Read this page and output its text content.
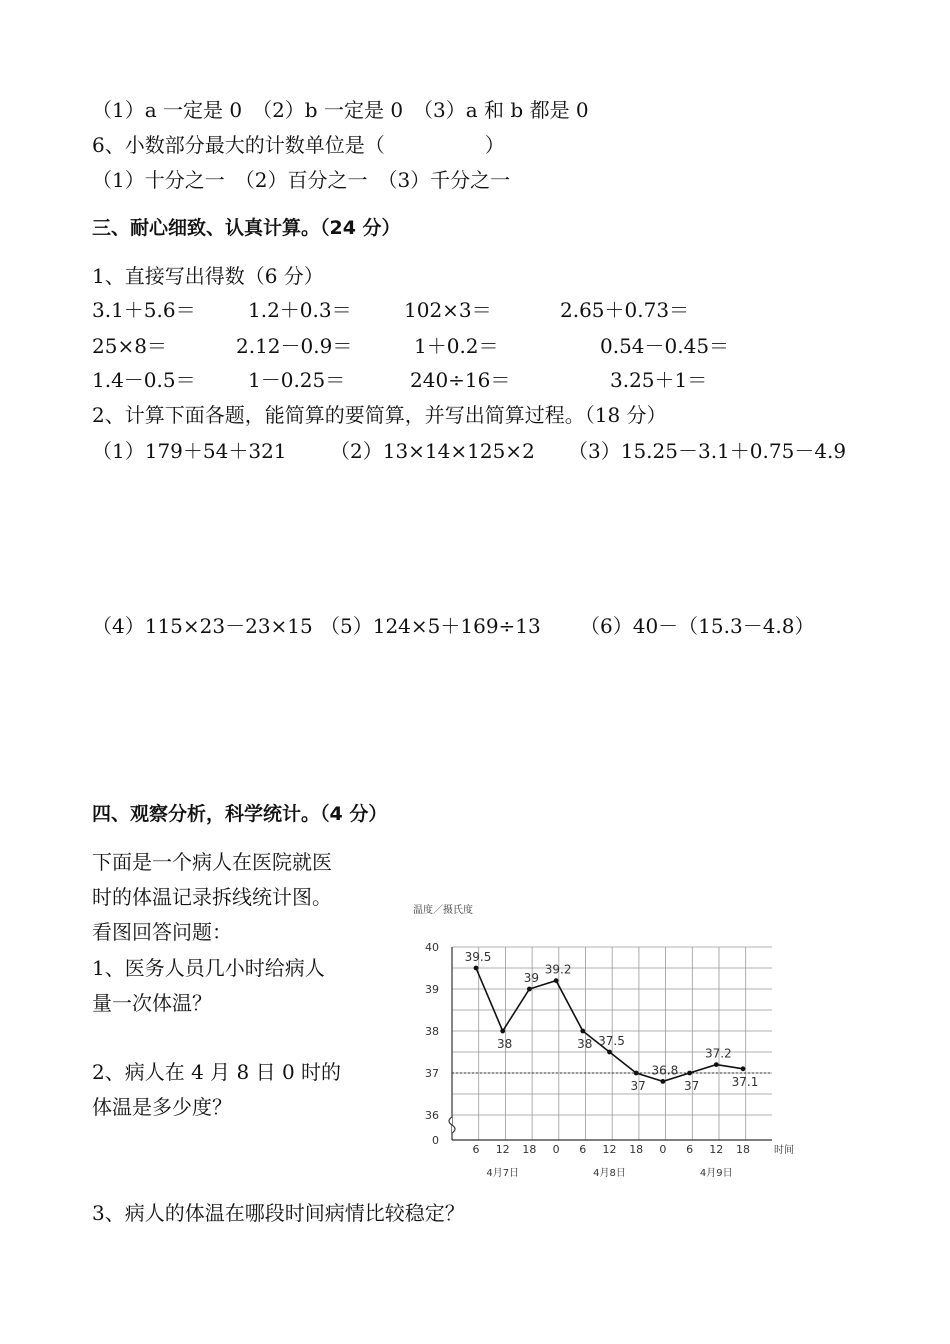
（1）a 一定是 0　（2）b 一定是 0　（3）a 和 b 都是 0
6、小数部分最大的计数单位是（　　　　　）
（1）十分之一　（2）百分之一　（3）千分之一
三、耐心细致、认真计算。（24 分）
1、直接写出得数（6 分）
3.1＋5.6＝	1.2＋0.3＝	102×3＝	2.65＋0.73＝
25×8＝	2.12－0.9＝	1＋0.2＝	0.54－0.45＝
1.4－0.5＝	1－0.25＝	240÷16＝	3.25＋1＝
2、计算下面各题，能简算的要简算，并写出简算过程。（18 分）
（1）179＋54＋321 （2）13×14×125×2 （3）15.25－3.1＋0.75－4.9
（4）115×23－23×15 （5）124×5＋169÷13 （6）40－（15.3－4.8）
四、观察分析，科学统计。（4 分）
下面是一个病人在医院就医
时的体温记录拆线统计图。
看图回答问题：
1、医务人员几小时给病人
量一次体温？
2、病人在 4 月 8 日 0 时的
体温是多少度？
3、病人的体温在哪段时间病情比较稳定？
温度／摄氏度
40
39
38
37
36
0
6 12 18 0 6 12 18 0 6 12 18 时间
4月7日	4月8日	4月9日
39.5
38
39
39.2
38 37.5
37
36.8
37
37.2
37.1
